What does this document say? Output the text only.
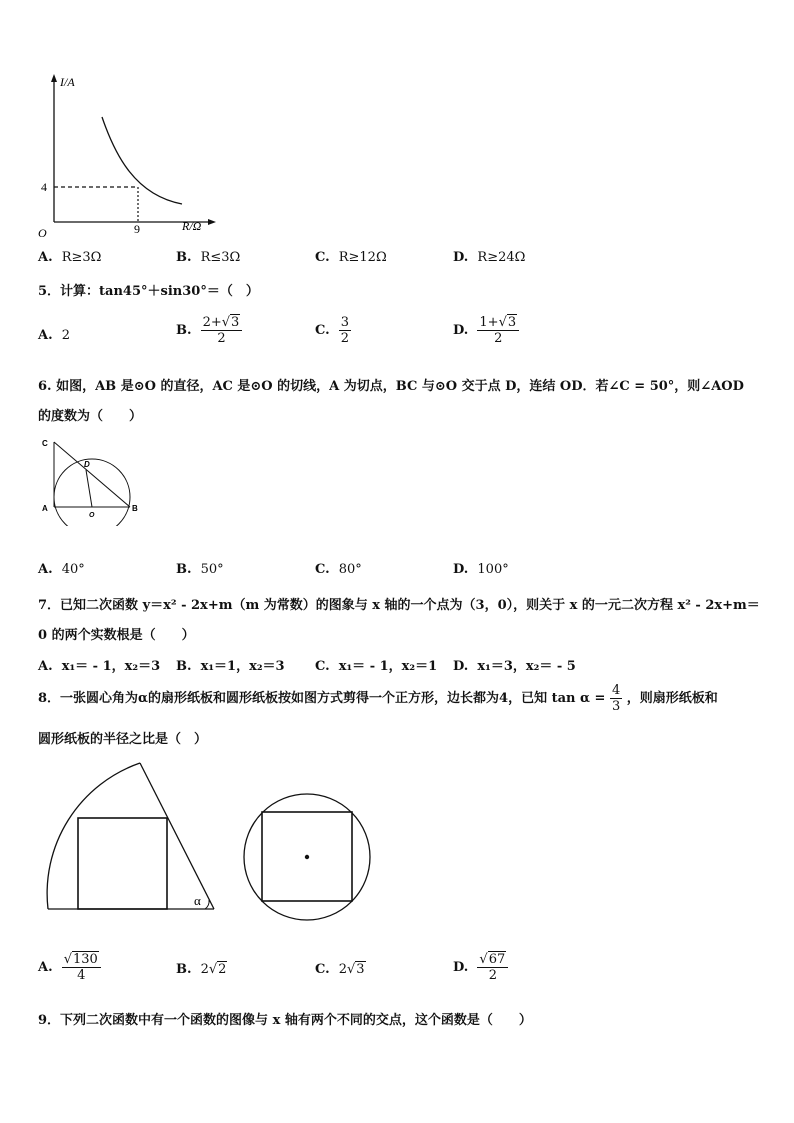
I/A
R/Ω
O
4
9
A. R≥3Ω	B. R≤3Ω	C. R≥12Ω	D. R≥24Ω
5．计算：tan45°＋sin30°＝（　）
A. 2	B. $\frac{2+√3}{2}$	C. $\frac{3}{2}$	D. $\frac{1+√3}{2}$
6. 如图，AB 是⊙O 的直径，AC 是⊙O 的切线，A 为切点，BC 与⊙O 交于点 D，连结 OD．若∠C = 50°，则∠AOD
的度数为（　　）
C
D
A
O
B
A. 40°	B. 50°	C. 80°	D. 100°
7．已知二次函数 y＝x² - 2x+m（m 为常数）的图象与 x 轴的一个点为（3，0），则关于 x 的一元二次方程 x² - 2x+m＝
0 的两个实数根是（　　）
A. x₁＝ - 1，x₂＝3 B. x₁＝1，x₂＝3 C. x₁＝ - 1，x₂＝1 D. x₁＝3，x₂＝ - 5
8．一张圆心角为α的扇形纸板和圆形纸板按如图方式剪得一个正方形，边长都为4，已知 $\tan \alpha = \frac{4}{3}$ ，则扇形纸板和
圆形纸板的半径之比是（　）
α
A. $\frac{√130}{4}$	B. 2√2	C. 2√3	D. $\frac{√67}{2}$
9．下列二次函数中有一个函数的图像与 x 轴有两个不同的交点，这个函数是（　　）
